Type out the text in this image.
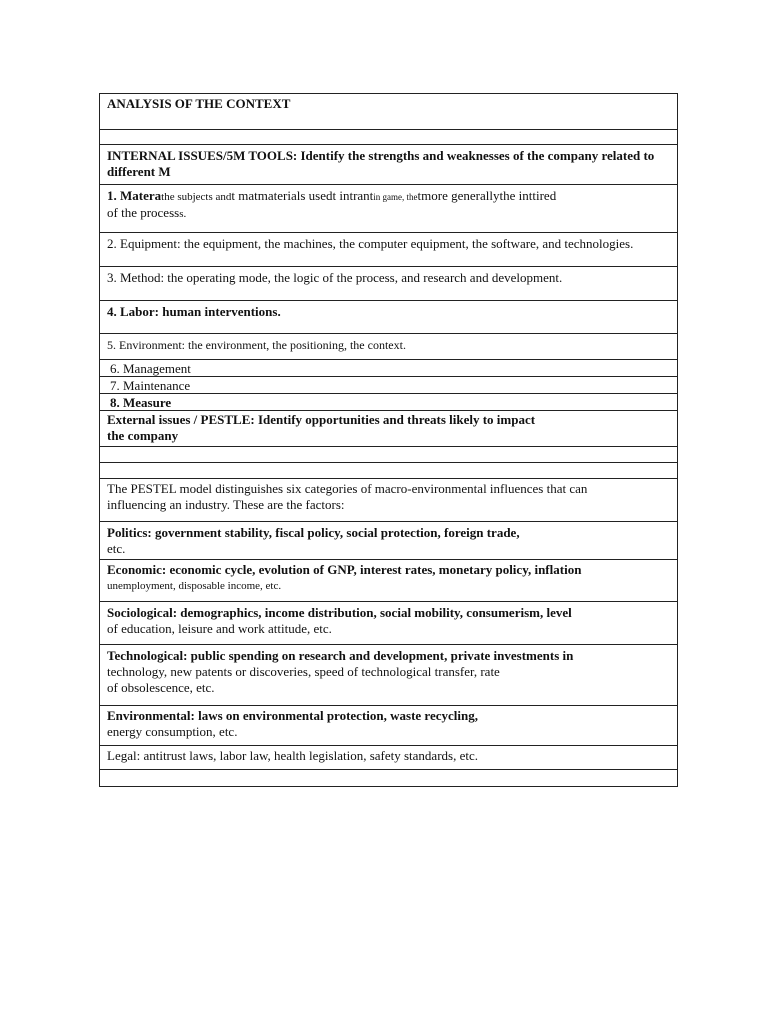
ANALYSIS OF THE CONTEXT

INTERNAL ISSUES/5M TOOLS: Identify the strengths and weaknesses of the company related to
different M

1. Materathe subjects andt matmaterials usedt intrantin game, thetmore generallythe inttired
of the processs.

2. Equipment: the equipment, the machines, the computer equipment, the software, and technologies.
3. Method: the operating mode, the logic of the process, and research and development.
4. Labor: human interventions.
5. Environment: the environment, the positioning, the context.
6. Management
7. Maintenance
8. Measure

External issues / PESTLE: Identify opportunities and threats likely to impact
the company

The PESTEL model distinguishes six categories of macro-environmental influences that can
influencing an industry. These are the factors:

Politics: government stability, fiscal policy, social protection, foreign trade,
etc.

Economic: economic cycle, evolution of GNP, interest rates, monetary policy, inflation
unemployment, disposable income, etc.

Sociological: demographics, income distribution, social mobility, consumerism, level
of education, leisure and work attitude, etc.

Technological: public spending on research and development, private investments in
technology, new patents or discoveries, speed of technological transfer, rate
of obsolescence, etc.

Environmental: laws on environmental protection, waste recycling,
energy consumption, etc.

Legal: antitrust laws, labor law, health legislation, safety standards, etc.
